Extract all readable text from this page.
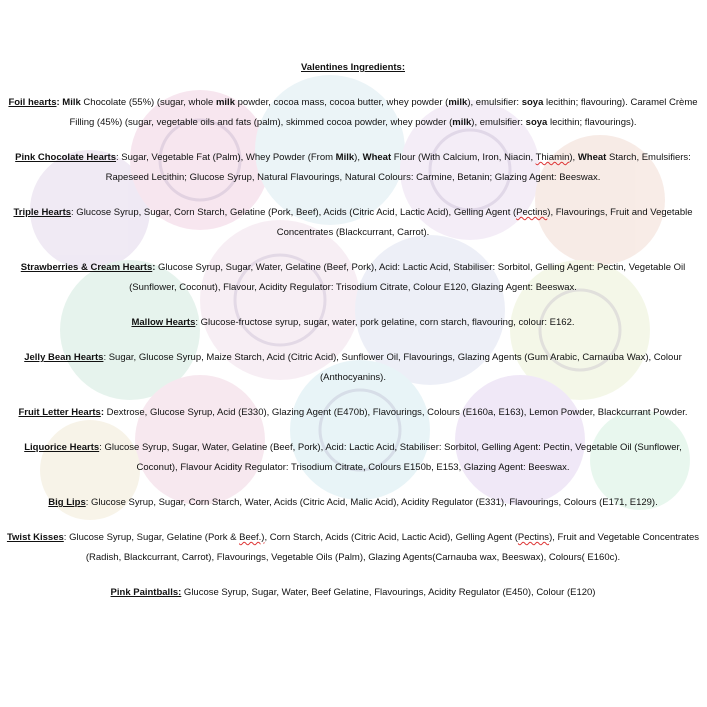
Valentines Ingredients:
Foil hearts: Milk Chocolate (55%) (sugar, whole milk powder, cocoa mass, cocoa butter, whey powder (milk), emulsifier: soya lecithin; flavouring). Caramel Crème Filling (45%) (sugar, vegetable oils and fats (palm), skimmed cocoa powder, whey powder (milk), emulsifier: soya lecithin; flavourings).
Pink Chocolate Hearts: Sugar, Vegetable Fat (Palm), Whey Powder (From Milk), Wheat Flour (With Calcium, Iron, Niacin, Thiamin), Wheat Starch, Emulsifiers: Rapeseed Lecithin; Glucose Syrup, Natural Flavourings, Natural Colours: Carmine, Betanin; Glazing Agent: Beeswax.
Triple Hearts: Glucose Syrup, Sugar, Corn Starch, Gelatine (Pork, Beef), Acids (Citric Acid, Lactic Acid), Gelling Agent (Pectins), Flavourings, Fruit and Vegetable Concentrates (Blackcurrant, Carrot).
Strawberries & Cream Hearts: Glucose Syrup, Sugar, Water, Gelatine (Beef, Pork), Acid: Lactic Acid, Stabiliser: Sorbitol, Gelling Agent: Pectin, Vegetable Oil (Sunflower, Coconut), Flavour, Acidity Regulator: Trisodium Citrate, Colour E120, Glazing Agent: Beeswax.
Mallow Hearts: Glucose-fructose syrup, sugar, water, pork gelatine, corn starch, flavouring, colour: E162.
Jelly Bean Hearts: Sugar, Glucose Syrup, Maize Starch, Acid (Citric Acid), Sunflower Oil, Flavourings, Glazing Agents (Gum Arabic, Carnauba Wax), Colour (Anthocyanins).
Fruit Letter Hearts: Dextrose, Glucose Syrup, Acid (E330), Glazing Agent (E470b), Flavourings, Colours (E160a, E163), Lemon Powder, Blackcurrant Powder.
Liquorice Hearts: Glucose Syrup, Sugar, Water, Gelatine (Beef, Pork), Acid: Lactic Acid, Stabiliser: Sorbitol, Gelling Agent: Pectin, Vegetable Oil (Sunflower, Coconut), Flavour Acidity Regulator: Trisodium Citrate, Colours E150b, E153, Glazing Agent: Beeswax.
Big Lips: Glucose Syrup, Sugar, Corn Starch, Water, Acids (Citric Acid, Malic Acid), Acidity Regulator (E331), Flavourings, Colours (E171, E129).
Twist Kisses: Glucose Syrup, Sugar, Gelatine (Pork & Beef.), Corn Starch, Acids (Citric Acid, Lactic Acid), Gelling Agent (Pectins), Fruit and Vegetable Concentrates (Radish, Blackcurrant, Carrot), Flavourings, Vegetable Oils (Palm), Glazing Agents(Carnauba wax, Beeswax), Colours( E160c).
Pink Paintballs: Glucose Syrup, Sugar, Water, Beef Gelatine, Flavourings, Acidity Regulator (E450), Colour (E120)
